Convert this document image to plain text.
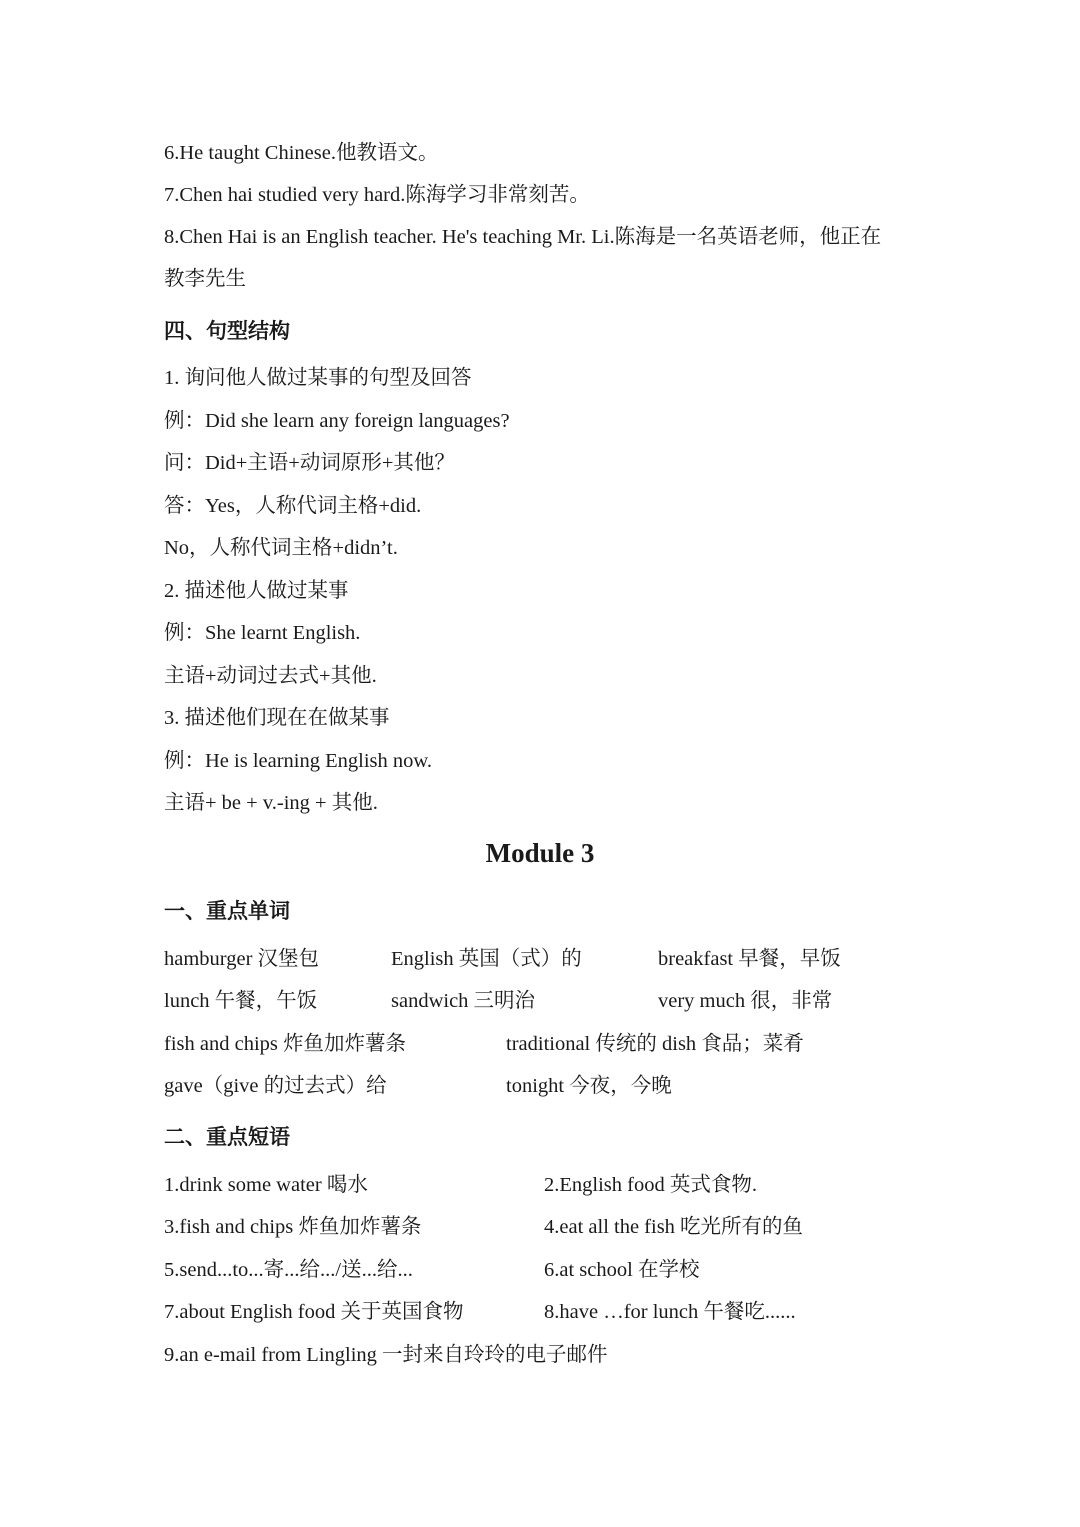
6.He taught Chinese.他教语文。
7.Chen hai studied very hard.陈海学习非常刻苦。
8.Chen Hai is an English teacher. He's teaching Mr. Li.陈海是一名英语老师，他正在
教李先生
四、句型结构
1. 询问他人做过某事的句型及回答
例：Did she learn any foreign languages?
问：Did+主语+动词原形+其他？
答：Yes，人称代词主格+did.
No，人称代词主格+didn’t.
2. 描述他人做过某事
例：She learnt English.
主语+动词过去式+其他.
3. 描述他们现在在做某事
例：He is learning English now.
主语+ be + v.-ing + 其他.
Module 3
一、重点单词
hamburger 汉堡包	English 英国（式）的	breakfast 早餐，早饭
lunch 午餐，午饭	sandwich 三明治	very much 很，非常
fish and chips 炸鱼加炸薯条	traditional 传统的 dish 食品；菜肴
gave（give 的过去式）给	tonight 今夜，今晚
二、重点短语
1.drink some water 喝水	2.English food 英式食物.
3.fish and chips 炸鱼加炸薯条	4.eat all the fish 吃光所有的鱼
5.send...to...寄...给.../送...给...	6.at school 在学校
7.about English food 关于英国食物	8.have …for lunch 午餐吃......
9.an e-mail from Lingling 一封来自玲玲的电子邮件
